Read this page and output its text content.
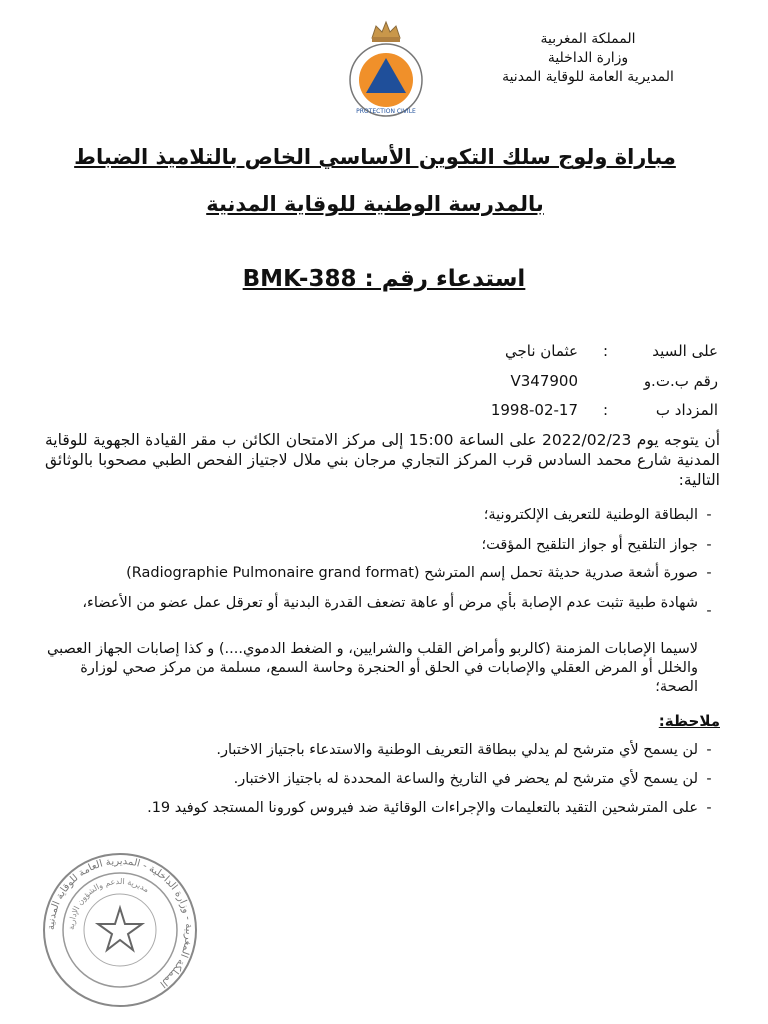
المملكة المغربية
وزارة الداخلية
المديرية العامة للوقاية المدنية
PROTECTION CIVILE
مباراة ولوج سلك التكوين الأساسي الخاص بالتلاميذ الضباط
بالمدرسة الوطنية للوقاية المدنية
استدعاء رقم : BMK-388
على السيد
:
عثمان ناجي
رقم ب.ت.و
V347900
المزداد ب
:
1998-02-17
أن يتوجه يوم 2022/02/23 على الساعة 15:00 إلى مركز الامتحان الكائن ب مقر القيادة الجهوية للوقاية المدنية شارع محمد السادس قرب المركز التجاري مرجان بني ملال لاجتياز الفحص الطبي مصحوبا بالوثائق التالية:
-
البطاقة الوطنية للتعريف الإلكترونية؛
-
جواز التلقيح أو جواز التلقيح المؤقت؛
-
صورة أشعة صدرية حديثة تحمل إسم المترشح (Radiographie Pulmonaire grand format)
-
شهادة طبية تثبت عدم الإصابة بأي مرض أو عاهة تضعف القدرة البدنية أو تعرقل عمل عضو من الأعضاء،
لاسيما الإصابات المزمنة (كالربو وأمراض القلب والشرايين، و الضغط الدموي....) و كذا إصابات الجهاز العصبي والخلل أو المرض العقلي والإصابات في الحلق أو الحنجرة وحاسة السمع، مسلمة من مركز صحي لوزارة الصحة؛
ملاحظة:
-
لن يسمح لأي مترشح لم يدلي ببطاقة التعريف الوطنية والاستدعاء باجتياز الاختبار.
-
لن يسمح لأي مترشح لم يحضر في التاريخ والساعة المحددة له باجتياز الاختبار.
-
على المترشحين التقيد بالتعليمات والإجراءات الوقائية ضد فيروس كورونا المستجد كوفيد 19.
المملكة المغربية - وزارة الداخلية - المديرية العامة للوقاية المدنية
مديرية الدعم والشؤون الإدارية
